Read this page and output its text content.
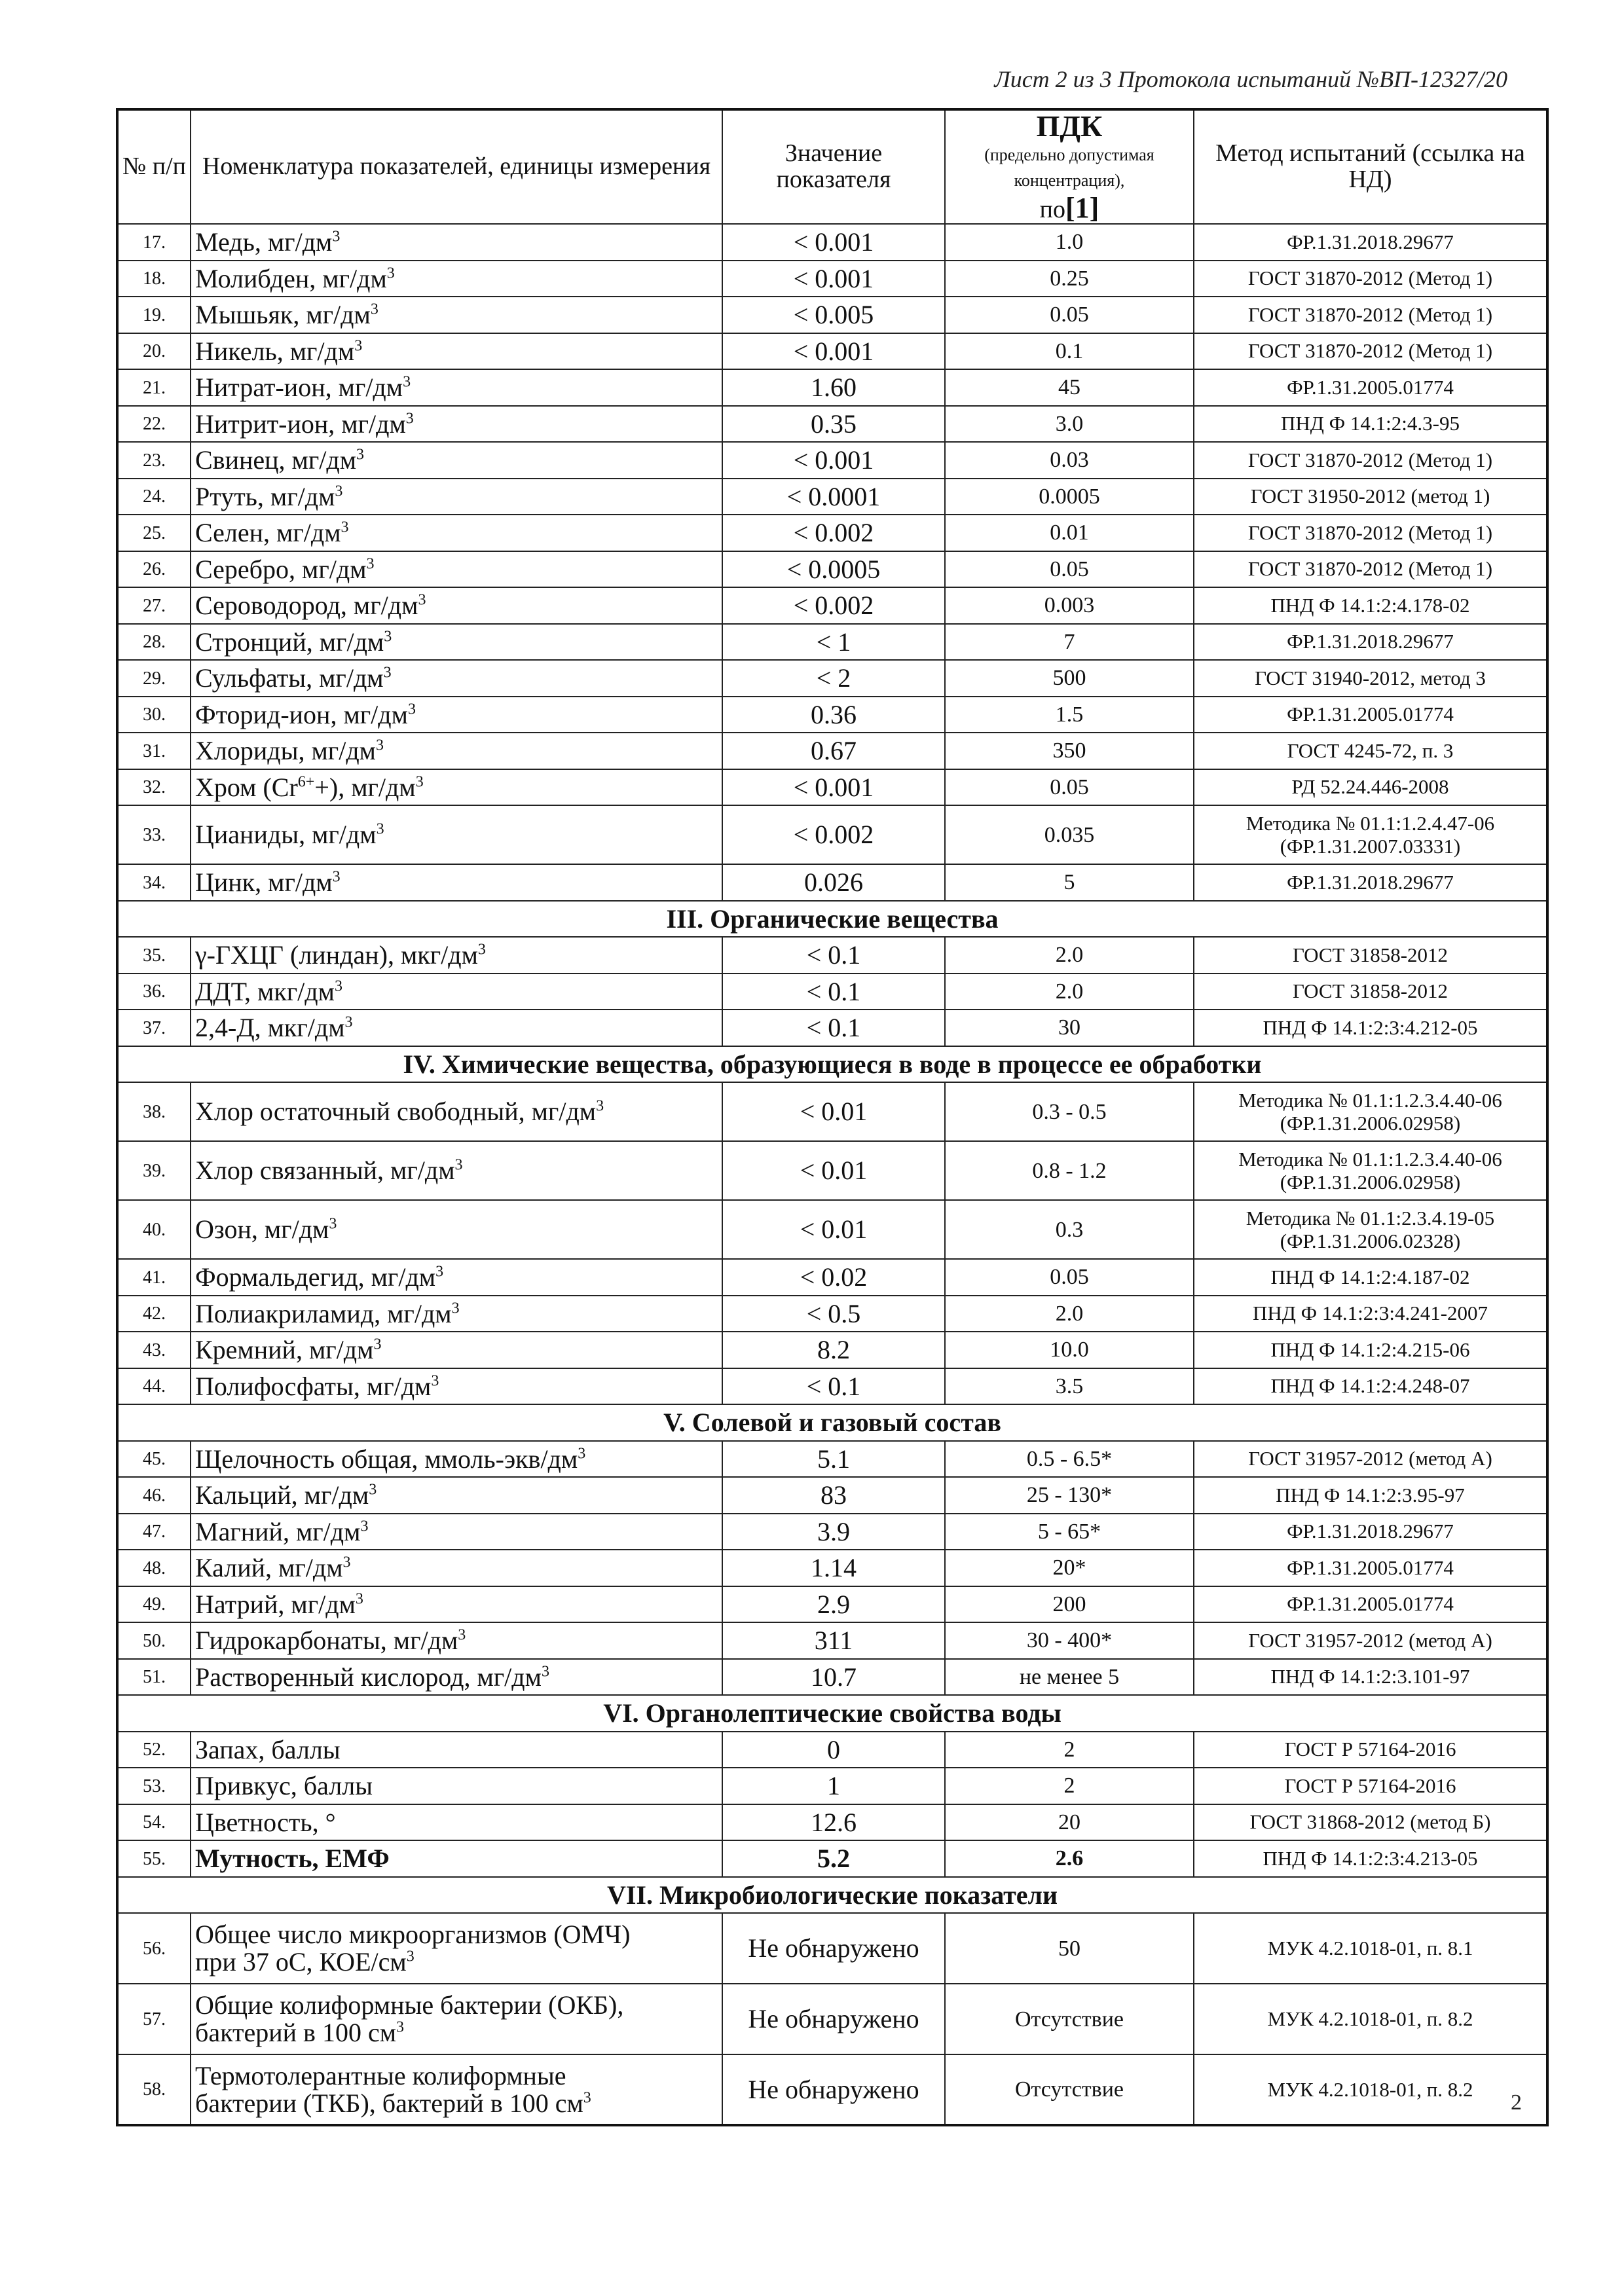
Лист 2 из 3 Протокола испытаний №ВП-12327/20
№ п/п	Номенклатура показателей, единицы измерения	Значение показателя	ПДК
(предельно допустимая концентрация),
по[1]	Метод испытаний (ссылка на НД)
17.	Медь, $мг/дм^3$	< 0.001	1.0	ФР.1.31.2018.29677
18.	Молибден, $мг/дм^3$	< 0.001	0.25	ГОСТ 31870-2012 (Метод 1)
19.	Мышьяк, $мг/дм^3$	< 0.005	0.05	ГОСТ 31870-2012 (Метод 1)
20.	Никель, $мг/дм^3$	< 0.001	0.1	ГОСТ 31870-2012 (Метод 1)
21.	Нитрат-ион, $мг/дм^3$	1.60	45	ФР.1.31.2005.01774
22.	Нитрит-ион, $мг/дм^3$	0.35	3.0	ПНД Ф 14.1:2:4.3-95
23.	Свинец, $мг/дм^3$	< 0.001	0.03	ГОСТ 31870-2012 (Метод 1)
24.	Ртуть, $мг/дм^3$	< 0.0001	0.0005	ГОСТ 31950-2012 (метод 1)
25.	Селен, $мг/дм^3$	< 0.002	0.01	ГОСТ 31870-2012 (Метод 1)
26.	Серебро, $мг/дм^3$	< 0.0005	0.05	ГОСТ 31870-2012 (Метод 1)
27.	Сероводород, $мг/дм^3$	< 0.002	0.003	ПНД Ф 14.1:2:4.178-02
28.	Стронций, $мг/дм^3$	< 1	7	ФР.1.31.2018.29677
29.	Сульфаты, $мг/дм^3$	< 2	500	ГОСТ 31940-2012, метод 3
30.	Фторид-ион, $мг/дм^3$	0.36	1.5	ФР.1.31.2005.01774
31.	Хлориды, $мг/дм^3$	0.67	350	ГОСТ 4245-72, п. 3
32.	Хром $(Cr^{6+}+)$, $мг/дм^3$	< 0.001	0.05	РД 52.24.446-2008
33.	Цианиды, $мг/дм^3$	< 0.002	0.035	Методика № 01.1:1.2.4.47-06 (ФР.1.31.2007.03331)
34.	Цинк, $мг/дм^3$	0.026	5	ФР.1.31.2018.29677
III. Органические вещества				
35.	γ-ГХЦГ (линдан), мкг/$дм^3$	< 0.1	2.0	ГОСТ 31858-2012
36.	ДДТ, мкг/$дм^3$	< 0.1	2.0	ГОСТ 31858-2012
37.	2,4-Д, мкг/$дм^3$	< 0.1	30	ПНД Ф 14.1:2:3:4.212-05
IV. Химические вещества, образующиеся в воде в процессе ее обработки				
38.	Хлор остаточный свободный, $мг/дм^3$	< 0.01	0.3 - 0.5	Методика № 01.1:1.2.3.4.40-06 (ФР.1.31.2006.02958)
39.	Хлор связанный, $мг/дм^3$	< 0.01	0.8 - 1.2	Методика № 01.1:1.2.3.4.40-06 (ФР.1.31.2006.02958)
40.	Озон, $мг/дм^3$	< 0.01	0.3	Методика № 01.1:2.3.4.19-05 (ФР.1.31.2006.02328)
41.	Формальдегид, $мг/дм^3$	< 0.02	0.05	ПНД Ф 14.1:2:4.187-02
42.	Полиакриламид, $мг/дм^3$	< 0.5	2.0	ПНД Ф 14.1:2:3:4.241-2007
43.	Кремний, $мг/дм^3$	8.2	10.0	ПНД Ф 14.1:2:4.215-06
44.	Полифосфаты, $мг/дм^3$	< 0.1	3.5	ПНД Ф 14.1:2:4.248-07
V. Солевой и газовый состав				
45.	Щелочность общая, ммоль-$экв/дм^3$	5.1	0.5 - 6.5*	ГОСТ 31957-2012 (метод А)
46.	Кальций, $мг/дм^3$	83	25 - 130*	ПНД Ф 14.1:2:3.95-97
47.	Магний, $мг/дм^3$	3.9	5 - 65*	ФР.1.31.2018.29677
48.	Калий, $мг/дм^3$	1.14	20*	ФР.1.31.2005.01774
49.	Натрий, $мг/дм^3$	2.9	200	ФР.1.31.2005.01774
50.	Гидрокарбонаты, $мг/дм^3$	311	30 - 400*	ГОСТ 31957-2012 (метод А)
51.	Растворенный кислород, $мг/дм^3$	10.7	не менее 5	ПНД Ф 14.1:2:3.101-97
VI. Органолептические свойства воды				
52.	Запах, баллы	0	2	ГОСТ Р 57164-2016
53.	Привкус, баллы	1	2	ГОСТ Р 57164-2016
54.	Цветность, °	12.6	20	ГОСТ 31868-2012 (метод Б)
55.	Мутность, ЕМФ	5.2	2.6	ПНД Ф 14.1:2:3:4.213-05
VII. Микробиологические показатели				
56.	Общее число микроорганизмов (ОМЧ)
при 37 оС, КОЕ/$см^3$	Не обнаружено	50	МУК 4.2.1018-01, п. 8.1
57.	Общие колиформные бактерии (ОКБ),
бактерий в 100 $см^3$	Не обнаружено	Отсутствие	МУК 4.2.1018-01, п. 8.2
58.	Термотолерантные колиформные
бактерии (ТКБ), бактерий в 100 $см^3$	Не обнаружено	Отсутствие	МУК 4.2.1018-01, п. 8.2
2
